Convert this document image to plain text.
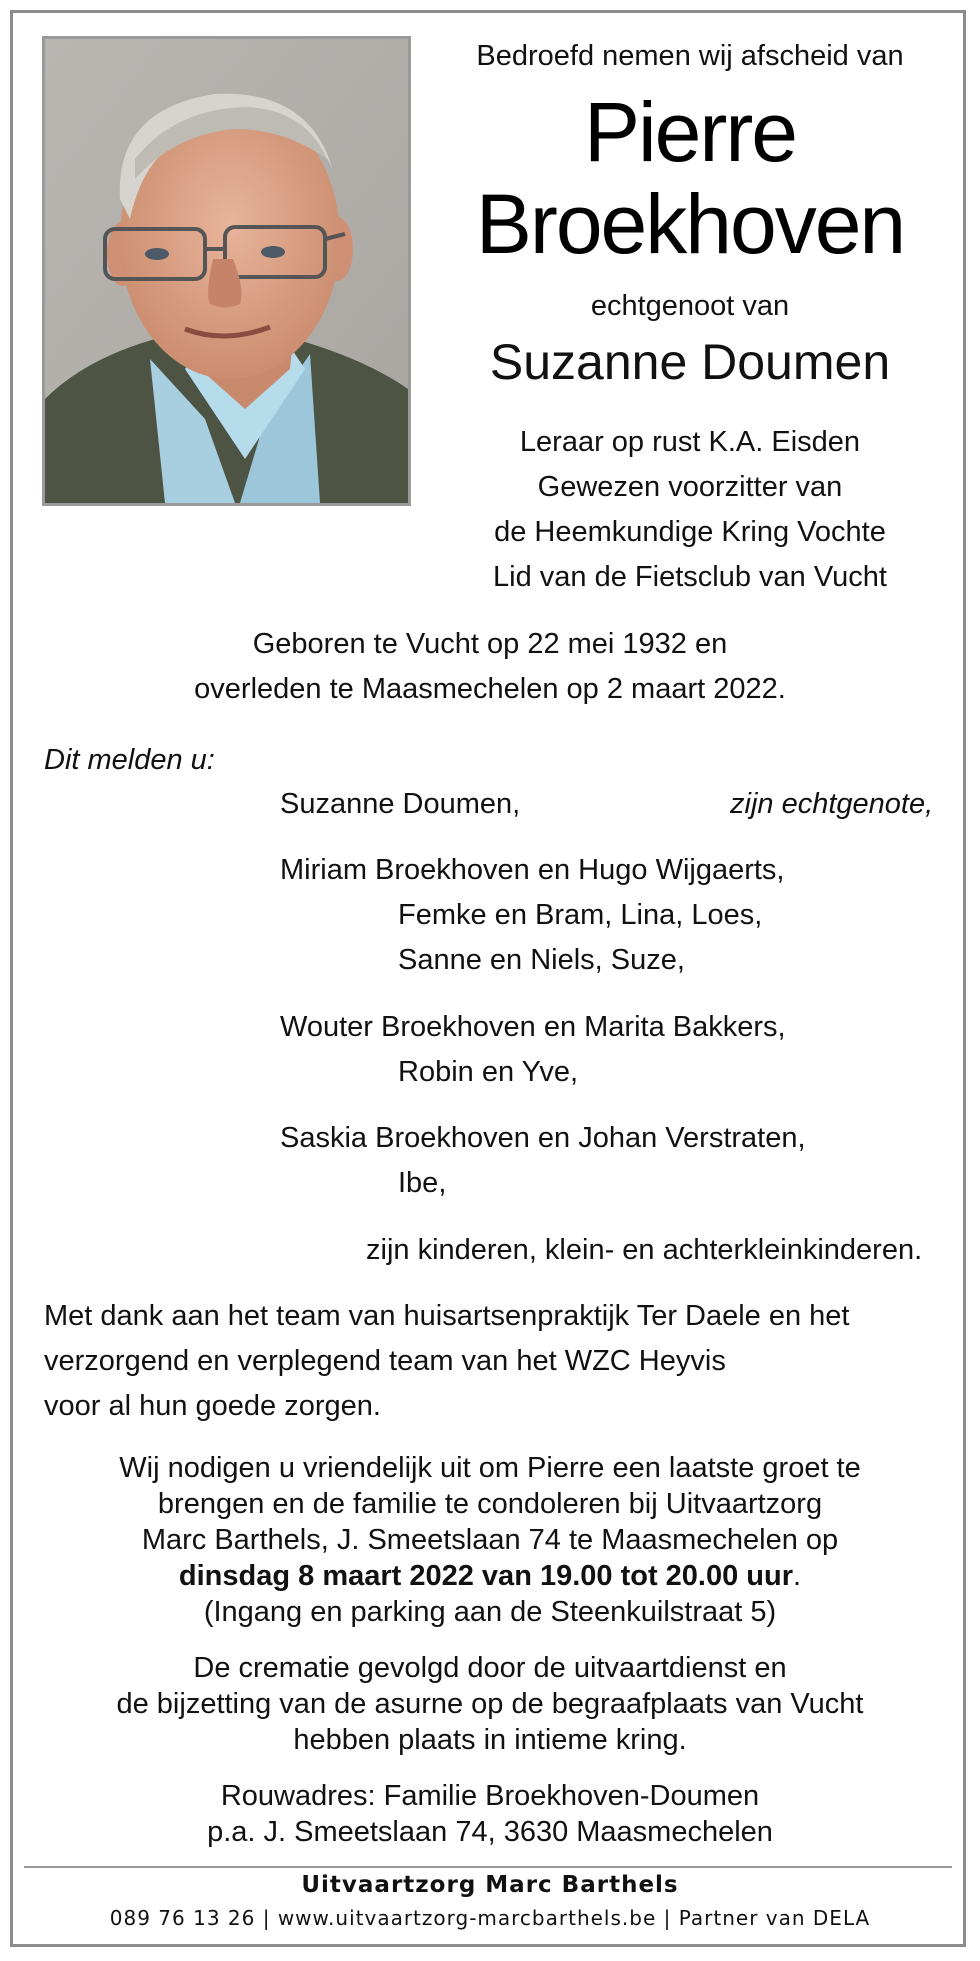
Bedroefd nemen wij afscheid van
Pierre
Broekhoven
echtgenoot van
Suzanne Doumen
Leraar op rust K.A. Eisden
Gewezen voorzitter van
de Heemkundige Kring Vochte
Lid van de Fietsclub van Vucht
Geboren te Vucht op 22 mei 1932 en
overleden te Maasmechelen op 2 maart 2022.
Dit melden u:
Suzanne Doumen,	zijn echtgenote,
Miriam Broekhoven en Hugo Wijgaerts,
Femke en Bram, Lina, Loes,
Sanne en Niels, Suze,
Wouter Broekhoven en Marita Bakkers,
Robin en Yve,
Saskia Broekhoven en Johan Verstraten,
Ibe,
zijn kinderen, klein- en achterkleinkinderen.
Met dank aan het team van huisartsenpraktijk Ter Daele en het
verzorgend en verplegend team van het WZC Heyvis
voor al hun goede zorgen.
Wij nodigen u vriendelijk uit om Pierre een laatste groet te
brengen en de familie te condoleren bij Uitvaartzorg
Marc Barthels, J. Smeetslaan 74 te Maasmechelen op
dinsdag 8 maart 2022 van 19.00 tot 20.00 uur.
(Ingang en parking aan de Steenkuilstraat 5)
De crematie gevolgd door de uitvaartdienst en
de bijzetting van de asurne op de begraafplaats van Vucht
hebben plaats in intieme kring.
Rouwadres: Familie Broekhoven-Doumen
p.a. J. Smeetslaan 74, 3630 Maasmechelen
Uitvaartzorg Marc Barthels
089 76 13 26 | www.uitvaartzorg-marcbarthels.be | Partner van DELA
